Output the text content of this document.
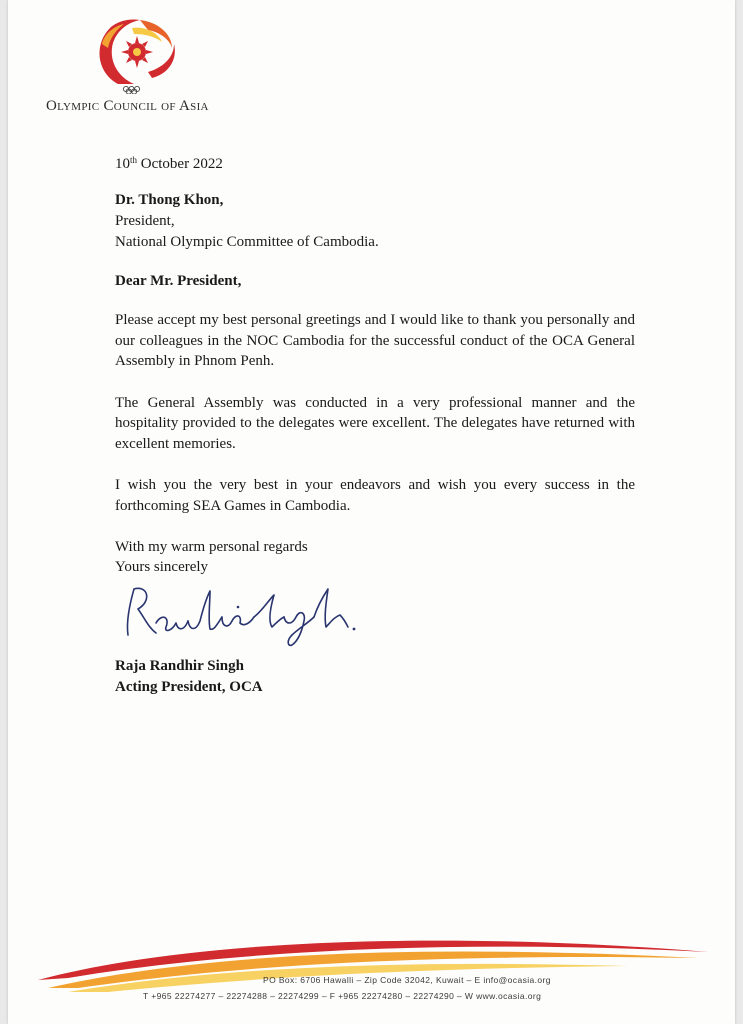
Olympic Council of Asia

10th October 2022

Dr. Thong Khon,
President,
National Olympic Committee of Cambodia.

Dear Mr. President,

Please accept my best personal greetings and I would like to thank you personally and our colleagues in the NOC Cambodia for the successful conduct of the OCA General Assembly in Phnom Penh.

The General Assembly was conducted in a very professional manner and the hospitality provided to the delegates were excellent. The delegates have returned with excellent memories.

I wish you the very best in your endeavors and wish you every success in the forthcoming SEA Games in Cambodia.

With my warm personal regards

Yours sincerely

Raja Randhir Singh
Acting President, OCA
PO Box: 6706 Hawalli – Zip Code 32042, Kuwait – E info@ocasia.org
T +965 22274277 – 22274288 – 22274299 – F +965 22274280 – 22274290 – W www.ocasia.org
